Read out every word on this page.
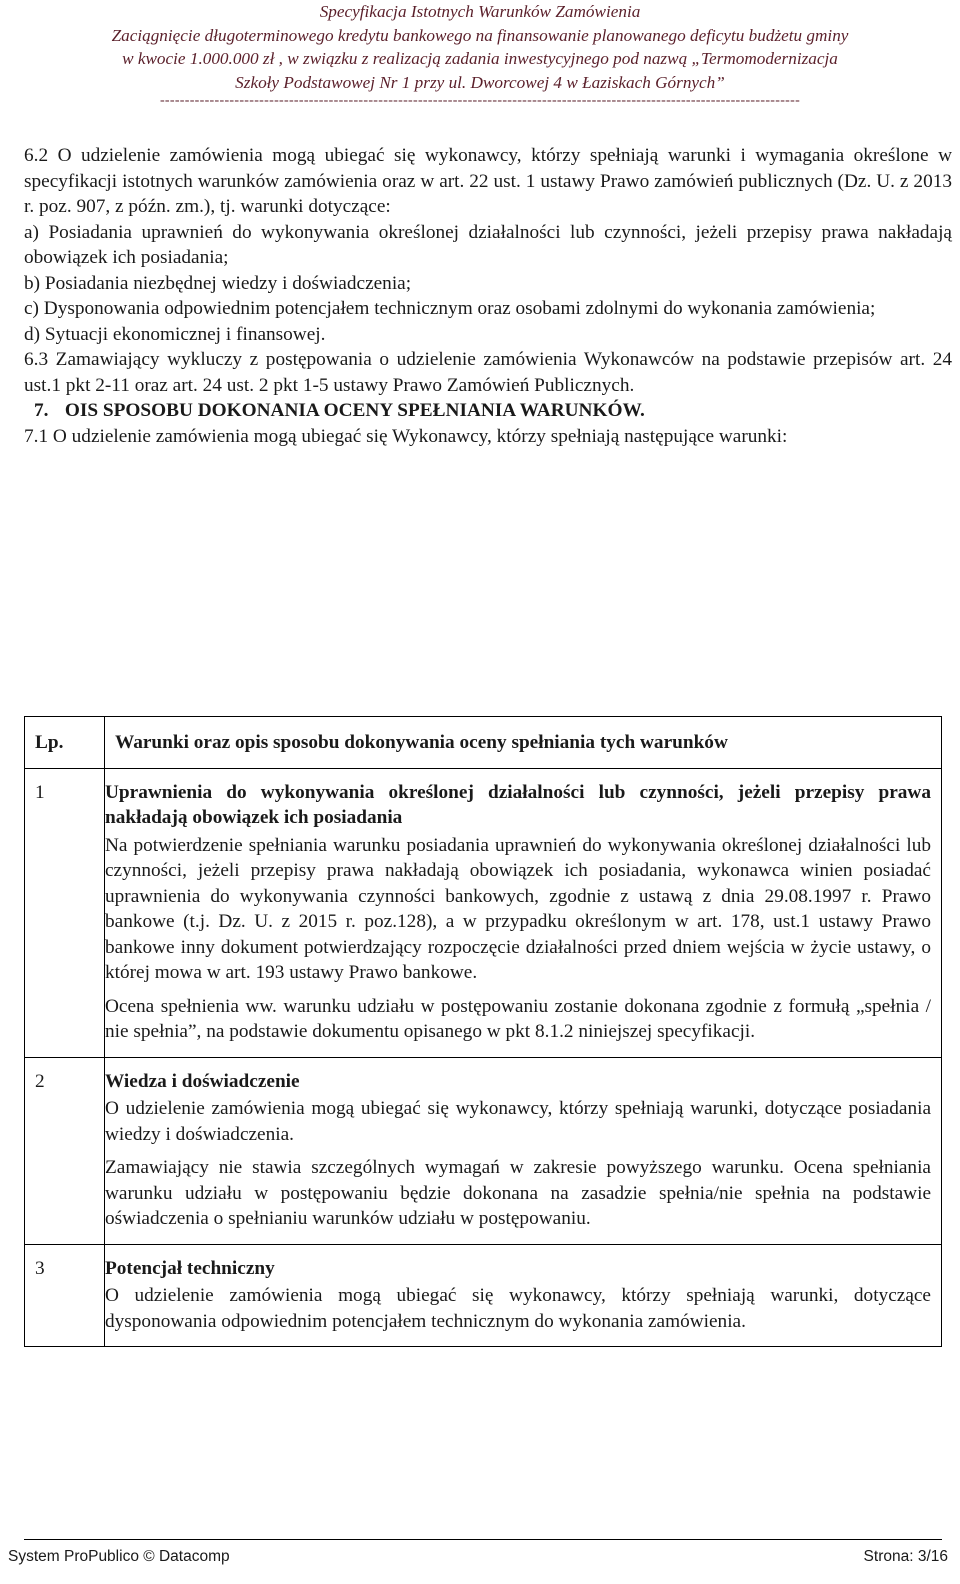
Specyfikacja Istotnych Warunków Zamówienia
Zaciągnięcie długoterminowego kredytu bankowego na finansowanie planowanego deficytu budżetu gminy
w kwocie 1.000.000 zł , w związku z realizacją zadania inwestycyjnego pod nazwą „Termomodernizacja
Szkoły Podstawowej Nr 1 przy ul. Dworcowej 4 w Łaziskach Górnych”
---------------------------------------------------------------------------------------------------------------------------------

6.2 O udzielenie zamówienia mogą ubiegać się wykonawcy, którzy spełniają warunki i wymagania określone w specyfikacji istotnych warunków zamówienia oraz w art. 22 ust. 1 ustawy Prawo zamówień publicznych (Dz. U. z 2013 r. poz. 907, z późn. zm.), tj. warunki dotyczące:

a) Posiadania uprawnień do wykonywania określonej działalności lub czynności, jeżeli przepisy prawa nakładają obowiązek ich posiadania;

b) Posiadania niezbędnej wiedzy i doświadczenia;

c) Dysponowania odpowiednim potencjałem technicznym oraz osobami zdolnymi do wykonania zamówienia;

d) Sytuacji ekonomicznej i finansowej.

6.3 Zamawiający wykluczy z postępowania o udzielenie zamówienia Wykonawców na podstawie przepisów art. 24 ust.1 pkt 2-11 oraz art. 24 ust. 2 pkt 1-5 ustawy Prawo Zamówień Publicznych.

7. OIS SPOSOBU DOKONANIA OCENY SPEŁNIANIA WARUNKÓW.

7.1 O udzielenie zamówienia mogą ubiegać się Wykonawcy, którzy spełniają następujące warunki:

Lp.	Warunki oraz opis sposobu dokonywania oceny spełniania tych warunków
1	Uprawnienia do wykonywania określonej działalności lub czynności, jeżeli przepisy prawa nakładają obowiązek ich posiadania

Na potwierdzenie spełniania warunku posiadania uprawnień do wykonywania określonej działalności lub czynności, jeżeli przepisy prawa nakładają obowiązek ich posiadania, wykonawca winien posiadać uprawnienia do wykonywania czynności bankowych, zgodnie z ustawą z dnia 29.08.1997 r. Prawo bankowe (t.j. Dz. U. z 2015 r. poz.128), a w przypadku określonym w art. 178, ust.1 ustawy Prawo bankowe inny dokument potwierdzający rozpoczęcie działalności przed dniem wejścia w życie ustawy, o której mowa w art. 193 ustawy Prawo bankowe.

Ocena spełnienia ww. warunku udziału w postępowaniu zostanie dokonana zgodnie z formułą „spełnia / nie spełnia”, na podstawie dokumentu opisanego w pkt 8.1.2 niniejszej specyfikacji.

2	Wiedza i doświadczenie

O udzielenie zamówienia mogą ubiegać się wykonawcy, którzy spełniają warunki, dotyczące posiadania wiedzy i doświadczenia.

Zamawiający nie stawia szczególnych wymagań w zakresie powyższego warunku. Ocena spełniania warunku udziału w postępowaniu będzie dokonana na zasadzie spełnia/nie spełnia na podstawie oświadczenia o spełnianiu warunków udziału w postępowaniu.

3	Potencjał techniczny

O udzielenie zamówienia mogą ubiegać się wykonawcy, którzy spełniają warunki, dotyczące dysponowania odpowiednim potencjałem technicznym do wykonania zamówienia.

System ProPublico © Datacomp	Strona: 3/16
